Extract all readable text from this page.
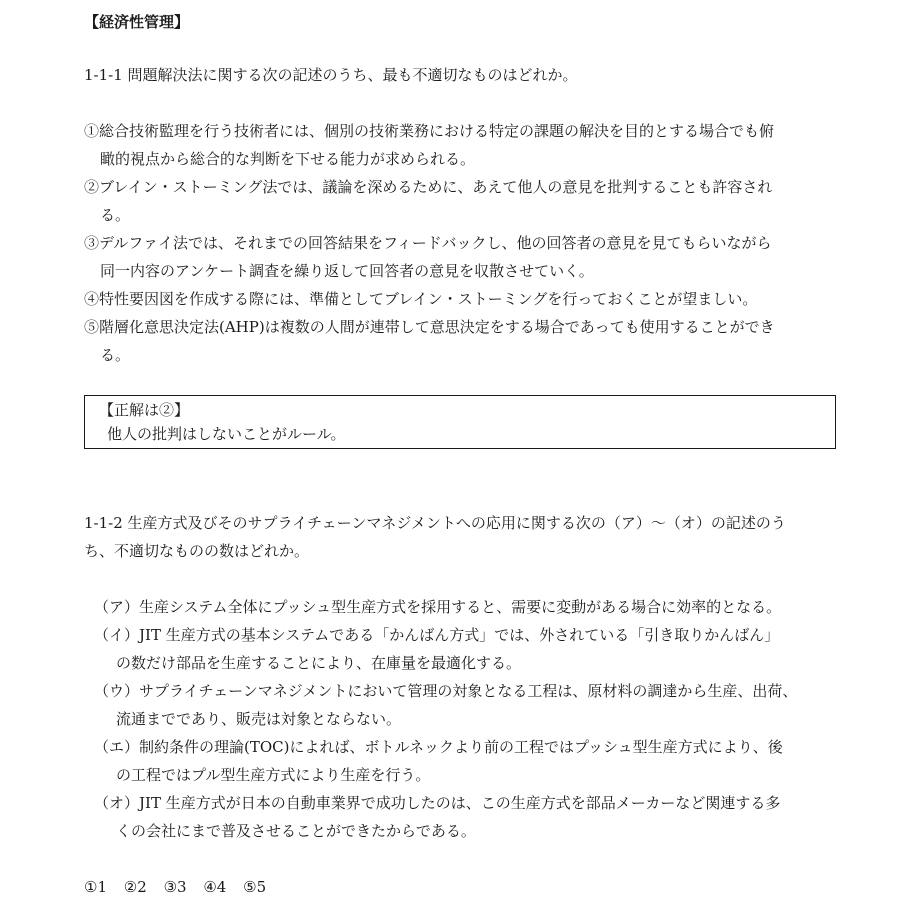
【経済性管理】
1-1-1 問題解決法に関する次の記述のうち、最も不適切なものはどれか。
①総合技術監理を行う技術者には、個別の技術業務における特定の課題の解決を目的とする場合でも俯
瞰的視点から総合的な判断を下せる能力が求められる。
②ブレイン・ストーミング法では、議論を深めるために、あえて他人の意見を批判することも許容され
る。
③デルファイ法では、それまでの回答結果をフィードバックし、他の回答者の意見を見てもらいながら
同一内容のアンケート調査を繰り返して回答者の意見を収散させていく。
④特性要因図を作成する際には、準備としてブレイン・ストーミングを行っておくことが望ましい。
⑤階層化意思決定法(AHP)は複数の人間が連帯して意思決定をする場合であっても使用することができ
る。
【正解は②】
他人の批判はしないことがルール。
1-1-2 生産方式及びそのサプライチェーンマネジメントへの応用に関する次の（ア）～（オ）の記述のう
ち、不適切なものの数はどれか。
（ア）生産システム全体にプッシュ型生産方式を採用すると、需要に変動がある場合に効率的となる。
（イ）JIT 生産方式の基本システムである「かんばん方式」では、外されている「引き取りかんばん」
の数だけ部品を生産することにより、在庫量を最適化する。
（ウ）サプライチェーンマネジメントにおいて管理の対象となる工程は、原材料の調達から生産、出荷、
流通までであり、販売は対象とならない。
（エ）制約条件の理論(TOC)によれば、ボトルネックより前の工程ではプッシュ型生産方式により、後
の工程ではプル型生産方式により生産を行う。
（オ）JIT 生産方式が日本の自動車業界で成功したのは、この生産方式を部品メーカーなど関連する多
くの会社にまで普及させることができたからである。
①1 ②2 ③3 ④4 ⑤5
